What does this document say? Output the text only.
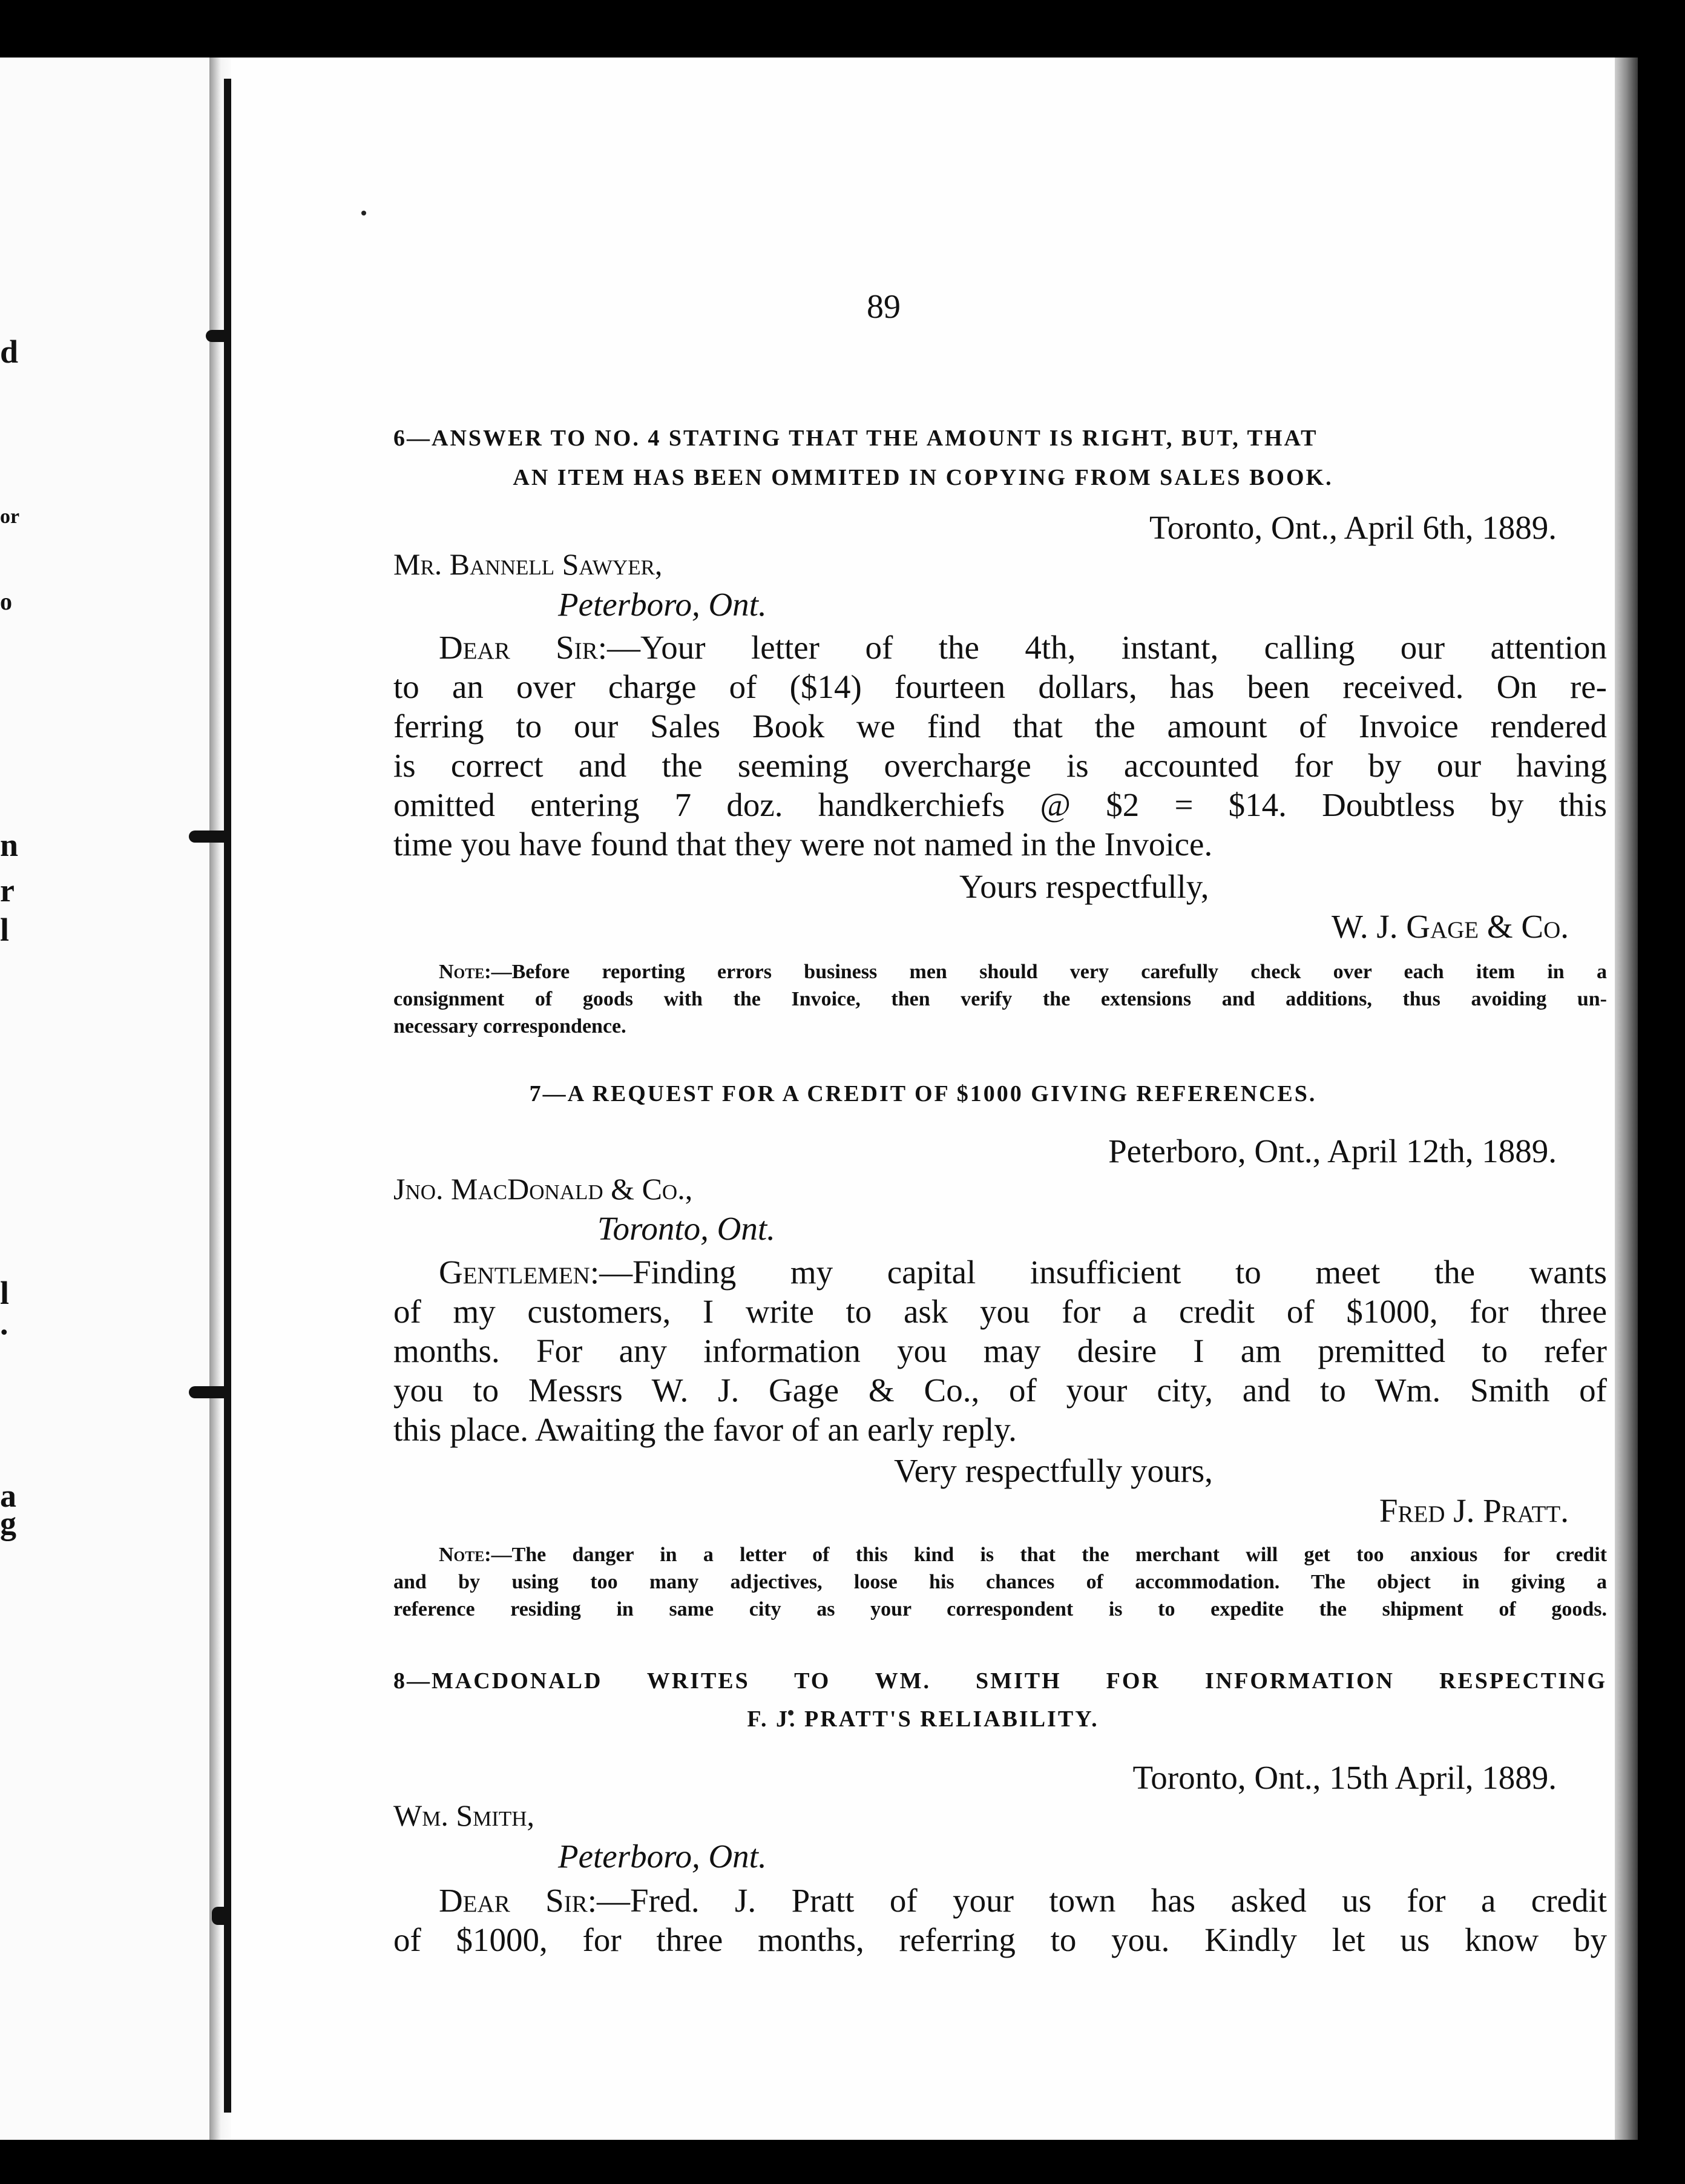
d
or
o
n
r
l
l
.
a
g
89
6—ANSWER TO NO. 4 STATING THAT THE AMOUNT IS RIGHT, BUT, THAT
AN ITEM HAS BEEN OMMITED IN COPYING FROM SALES BOOK.
Toronto, Ont., April 6th, 1889.
Mr. Bannell Sawyer,
Peterboro, Ont.
Dear Sir:—Your letter of the 4th, instant, calling our attention
to an over charge of ($14) fourteen dollars, has been received. On re-
ferring to our Sales Book we find that the amount of Invoice rendered
is correct and the seeming overcharge is accounted for by our having
omitted entering 7 doz. handkerchiefs @ $2 = $14. Doubtless by this
time you have found that they were not named in the Invoice.
Yours respectfully,
W. J. Gage & Co.
Note:—Before reporting errors business men should very carefully check over each item in a
consignment of goods with the Invoice, then verify the extensions and additions, thus avoiding un-
necessary correspondence.
7—A REQUEST FOR A CREDIT OF $1000 GIVING REFERENCES.
Peterboro, Ont., April 12th, 1889.
Jno. MacDonald & Co.,
Toronto, Ont.
Gentlemen:—Finding my capital insufficient to meet the wants
of my customers, I write to ask you for a credit of $1000, for three
months. For any information you may desire I am premitted to refer
you to Messrs W. J. Gage & Co., of your city, and to Wm. Smith of
this place. Awaiting the favor of an early reply.
Very respectfully yours,
Fred J. Pratt.
Note:—The danger in a letter of this kind is that the merchant will get too anxious for credit
and by using too many adjectives, loose his chances of accommodation. The object in giving a
reference residing in same city as your correspondent is to expedite the shipment of goods.
8—MACDONALD WRITES TO WM. SMITH FOR INFORMATION RESPECTING
F. J. PRATT'S RELIABILITY.
Toronto, Ont., 15th April, 1889.
Wm. Smith,
Peterboro, Ont.
Dear Sir:—Fred. J. Pratt of your town has asked us for a credit
of $1000, for three months, referring to you. Kindly let us know by
